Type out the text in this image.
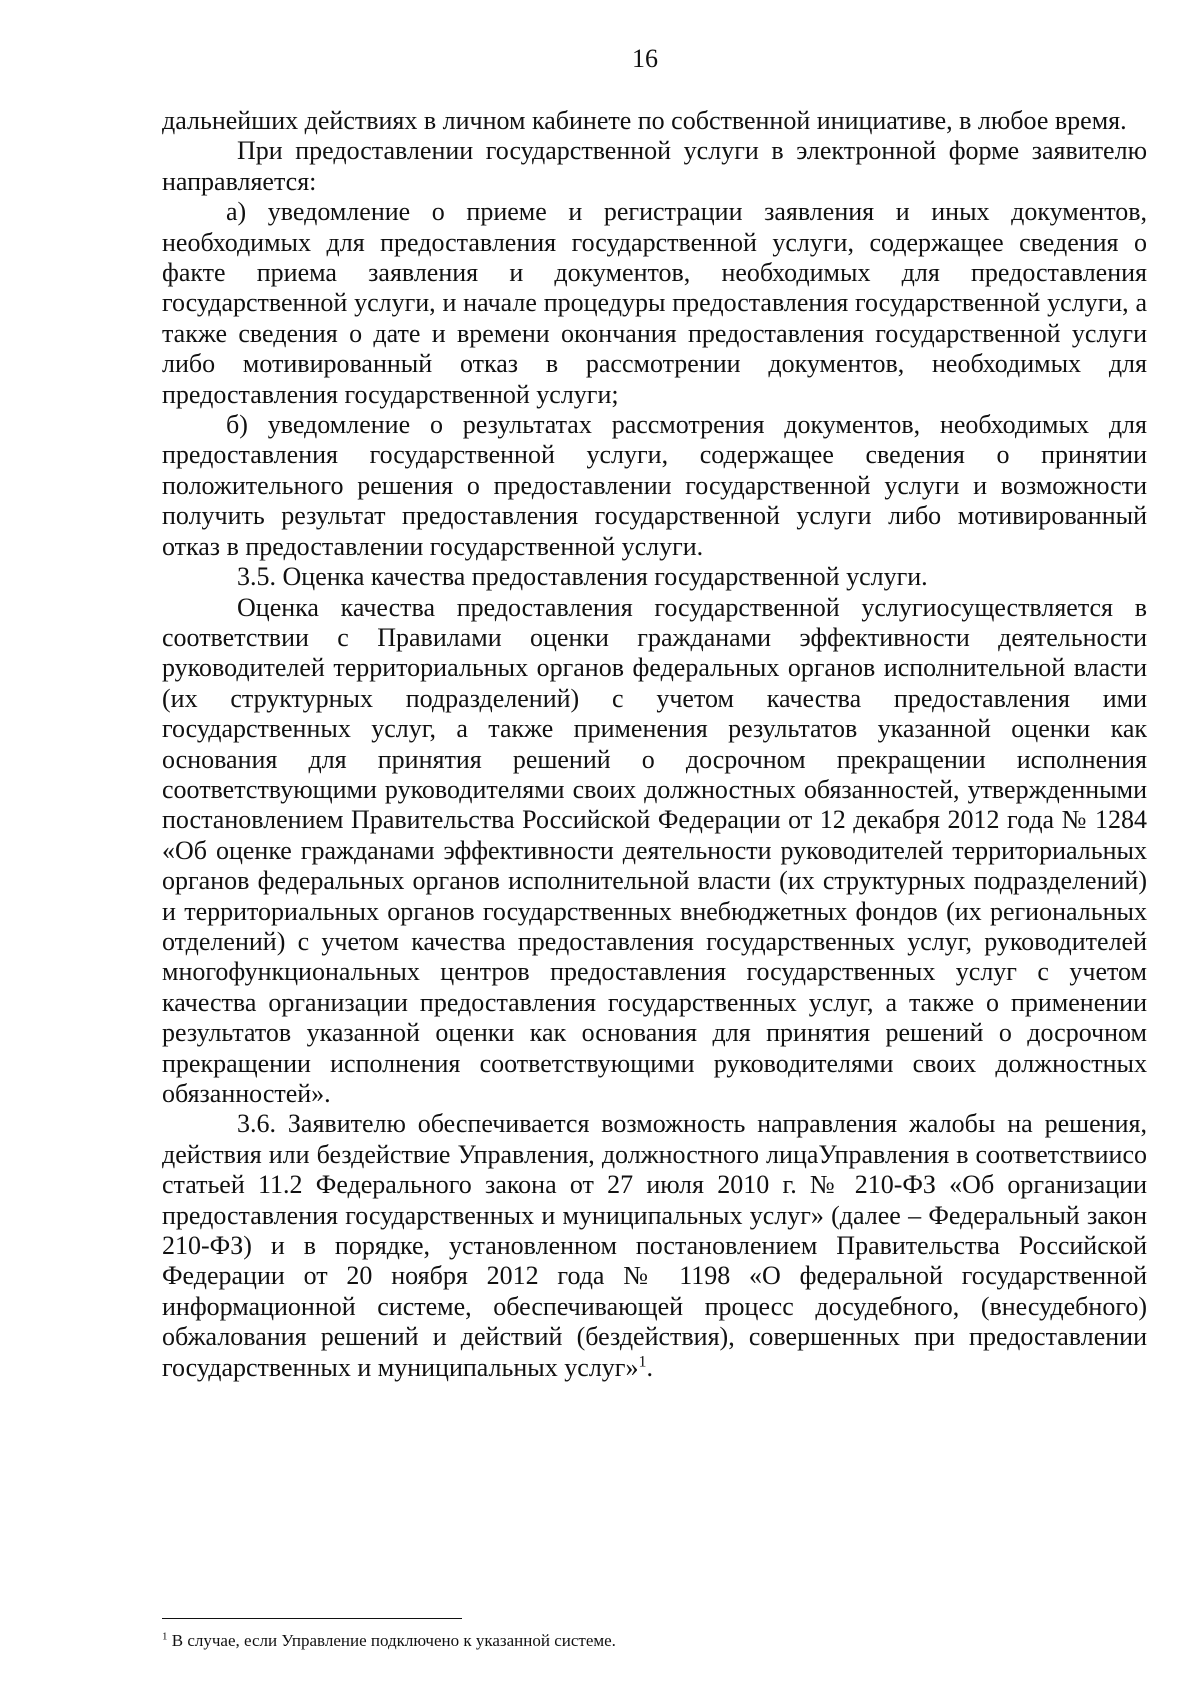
16

дальнейших действиях в личном кабинете по собственной инициативе, в любое время.

При предоставлении государственной услуги в электронной форме заявителю направляется:

а) уведомление о приеме и регистрации заявления и иных документов, необходимых для предоставления государственной услуги, содержащее сведения о факте приема заявления и документов, необходимых для предоставления государственной услуги, и начале процедуры предоставления государственной услуги, а также сведения о дате и времени окончания предоставления государственной услуги либо мотивированный отказ в рассмотрении документов, необходимых для предоставления государственной услуги;

б) уведомление о результатах рассмотрения документов, необходимых для предоставления государственной услуги, содержащее сведения о принятии положительного решения о предоставлении государственной услуги и возможности получить результат предоставления государственной услуги либо мотивированный отказ в предоставлении государственной услуги.

3.5. Оценка качества предоставления государственной услуги.

Оценка качества предоставления государственной услугиосуществляется в соответствии с Правилами оценки гражданами эффективности деятельности руководителей территориальных органов федеральных органов исполнительной власти (их структурных подразделений) с учетом качества предоставления ими государственных услуг, а также применения результатов указанной оценки как основания для принятия решений о досрочном прекращении исполнения соответствующими руководителями своих должностных обязанностей, утвержденными постановлением Правительства Российской Федерации от 12 декабря 2012 года № 1284 «Об оценке гражданами эффективности деятельности руководителей территориальных органов федеральных органов исполнительной власти (их структурных подразделений) и территориальных органов государственных внебюджетных фондов (их региональных отделений) с учетом качества предоставления государственных услуг, руководителей многофункциональных центров предоставления государственных услуг с учетом качества организации предоставления государственных услуг, а также о применении результатов указанной оценки как основания для принятия решений о досрочном прекращении исполнения соответствующими руководителями своих должностных обязанностей».

3.6. Заявителю обеспечивается возможность направления жалобы на решения, действия или бездействие Управления, должностного лицаУправления в соответствиисо статьей 11.2 Федерального закона от 27 июля 2010 г. № 210-ФЗ «Об организации предоставления государственных и муниципальных услуг» (далее – Федеральный закон 210-ФЗ) и в порядке, установленном постановлением Правительства Российской Федерации от 20 ноября 2012 года № 1198 «О федеральной государственной информационной системе, обеспечивающей процесс досудебного, (внесудебного) обжалования решений и действий (бездействия), совершенных при предоставлении государственных и муниципальных услуг»$^1$.

$^1$ В случае, если Управление подключено к указанной системе.
